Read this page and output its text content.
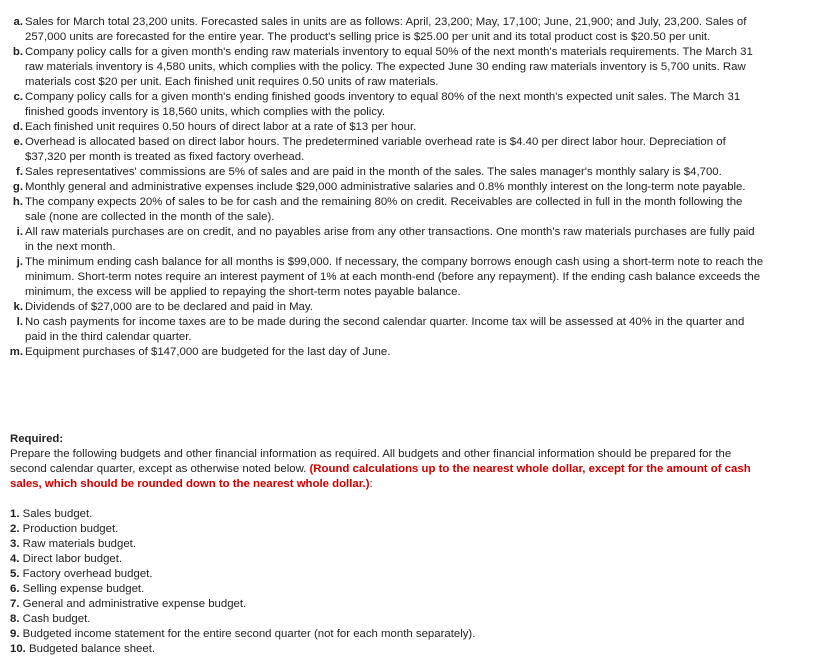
a. Sales for March total 23,200 units. Forecasted sales in units are as follows: April, 23,200; May, 17,100; June, 21,900; and July, 23,200. Sales of 257,000 units are forecasted for the entire year. The product's selling price is $25.00 per unit and its total product cost is $20.50 per unit.
b. Company policy calls for a given month's ending raw materials inventory to equal 50% of the next month's materials requirements. The March 31 raw materials inventory is 4,580 units, which complies with the policy. The expected June 30 ending raw materials inventory is 5,700 units. Raw materials cost $20 per unit. Each finished unit requires 0.50 units of raw materials.
c. Company policy calls for a given month's ending finished goods inventory to equal 80% of the next month's expected unit sales. The March 31 finished goods inventory is 18,560 units, which complies with the policy.
d. Each finished unit requires 0.50 hours of direct labor at a rate of $13 per hour.
e. Overhead is allocated based on direct labor hours. The predetermined variable overhead rate is $4.40 per direct labor hour. Depreciation of $37,320 per month is treated as fixed factory overhead.
f. Sales representatives' commissions are 5% of sales and are paid in the month of the sales. The sales manager's monthly salary is $4,700.
g. Monthly general and administrative expenses include $29,000 administrative salaries and 0.8% monthly interest on the long-term note payable.
h. The company expects 20% of sales to be for cash and the remaining 80% on credit. Receivables are collected in full in the month following the sale (none are collected in the month of the sale).
i. All raw materials purchases are on credit, and no payables arise from any other transactions. One month's raw materials purchases are fully paid in the next month.
j. The minimum ending cash balance for all months is $99,000. If necessary, the company borrows enough cash using a short-term note to reach the minimum. Short-term notes require an interest payment of 1% at each month-end (before any repayment). If the ending cash balance exceeds the minimum, the excess will be applied to repaying the short-term notes payable balance.
k. Dividends of $27,000 are to be declared and paid in May.
l. No cash payments for income taxes are to be made during the second calendar quarter. Income tax will be assessed at 40% in the quarter and paid in the third calendar quarter.
m. Equipment purchases of $147,000 are budgeted for the last day of June.
Required:
Prepare the following budgets and other financial information as required. All budgets and other financial information should be prepared for the second calendar quarter, except as otherwise noted below. (Round calculations up to the nearest whole dollar, except for the amount of cash sales, which should be rounded down to the nearest whole dollar.):
1. Sales budget.
2. Production budget.
3. Raw materials budget.
4. Direct labor budget.
5. Factory overhead budget.
6. Selling expense budget.
7. General and administrative expense budget.
8. Cash budget.
9. Budgeted income statement for the entire second quarter (not for each month separately).
10. Budgeted balance sheet.
